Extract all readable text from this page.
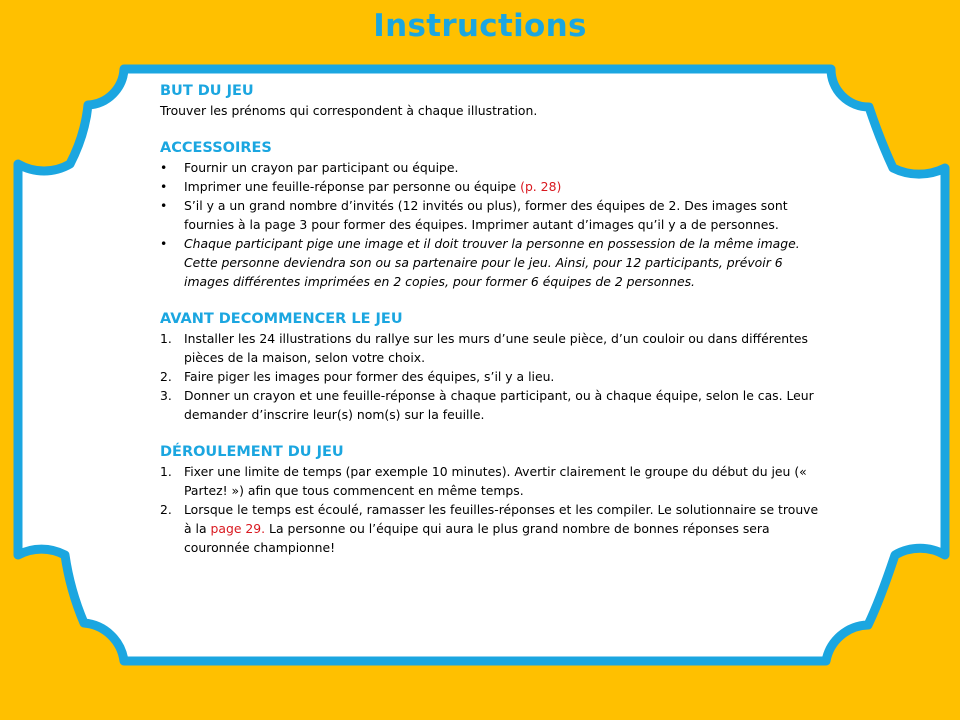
Instructions
BUT DU JEU
Trouver les prénoms qui correspondent à chaque illustration.
ACCESSOIRES
• Fournir un crayon par participant ou équipe.
• Imprimer une feuille-réponse par personne ou équipe (p. 28)
• S’il y a un grand nombre d’invités (12 invités ou plus), former des équipes de 2. Des images sont fournies à la page 3 pour former des équipes. Imprimer autant d’images qu’il y a de personnes.
• Chaque participant pige une image et il doit trouver la personne en possession de la même image. Cette personne deviendra son ou sa partenaire pour le jeu. Ainsi, pour 12 participants, prévoir 6 images différentes imprimées en 2 copies, pour former 6 équipes de 2 personnes.
AVANT DECOMMENCER LE JEU
1. Installer les 24 illustrations du rallye sur les murs d’une seule pièce, d’un couloir ou dans différentes pièces de la maison, selon votre choix.
2. Faire piger les images pour former des équipes, s’il y a lieu.
3. Donner un crayon et une feuille-réponse à chaque participant, ou à chaque équipe, selon le cas. Leur demander d’inscrire leur(s) nom(s) sur la feuille.
DÉROULEMENT DU JEU
1. Fixer une limite de temps (par exemple 10 minutes). Avertir clairement le groupe du début du jeu (« Partez! ») afin que tous commencent en même temps.
2. Lorsque le temps est écoulé, ramasser les feuilles-réponses et les compiler. Le solutionnaire se trouve à la page 29. La personne ou l’équipe qui aura le plus grand nombre de bonnes réponses sera couronnée championne!
